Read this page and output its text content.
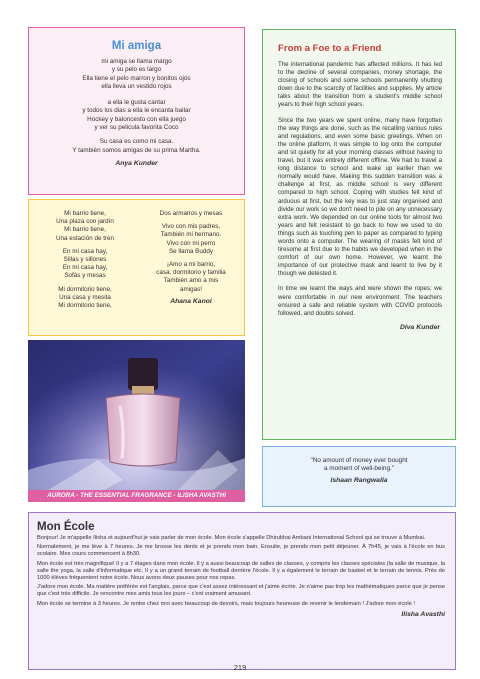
Mi amiga
mi amiga se llama margo
y su pelo es largo
Ella tiene el pelo marron y bonitos ojos
ella lleva un vestido rojos
a ella le gusta cantar
y todos los dias a ella le encanta bailar
Hockey y baloncesto con ella juego
y ver su pelicula favorita Coco
Su casa es como mi casa.
Y también somos amigas de su prima Martha.
Anya Kunder
Mi barrio tiene,
Una plaza con jardín
Mi barrio tiene,
Una estación de tren
En mi casa hay,
Sillas y sillones
En mi casa hay,
Sofás y mesas
Mi dormitorio tiene,
Una casa y mesita
Mi dormitorio tiene,
Dos armarios y mesas
Vivo con mis padres,
También mi hermano.
Vivo con mi perro
Se llama Buddy
¡Amo a mi barrio,
casa, dormitorio y familia
También amo a mis
amigas!
Ahana Kanoi
AURORA - THE ESSENTIAL FRAGRANCE - ILISHA AVASTHI
From a Foe to a Friend
The international pandemic has affected millions. It has led to the decline of several companies, money shortage, the closing of schools and some schools permanently shutting down due to the scarcity of facilities and supplies. My article talks about the transition from a student's middle school years to their high school years.
Since the two years we spent online, many have forgotten the way things are done, such as the recalling various rules and regulations, and even some basic greetings. When on the online platform, it was simple to log onto the computer and sit quietly for all your morning classes without having to travel, but it was entirely different offline. We had to travel a long distance to school and wake up earlier than we normally would have. Making this sudden transition was a challenge at first, as middle school is very different compared to high school. Coping with studies felt kind of arduous at first, but the key was to just stay organised and divide our work so we don't need to pile on any unnecessary extra work. We depended on our online tools for almost two years and felt resistant to go back to how we used to do things such as touching pen to paper as compared to typing words onto a computer. The wearing of masks felt kind of tiresome at first due to the habits we developed when in the comfort of our own home. However, we learnt the importance of our protective mask and learnt to live by it though we detested it.
In time we learnt the ways and were shown the ropes; we were comfortable in our new environment. The teachers ensured a safe and reliable system with COVID protocols followed, and doubts solved.
Diva Kunder
"No amount of money ever bought
a moment of well-being."
Ishaan Rangwalla
Mon École
Bonjour! Je m'appelle Ilisha et aujourd'hui je vais parler de mon école. Mon école s'appelle Dhirubhai Ambani International School qui se trouve à Mumbai.
Normalement, je me lève à 7 heures. Je me brosse les dents et je prends mon bain. Ensuite, je prends mon petit déjeuner. À 7h45, je vais à l'école en bus scolaire. Mes cours commencent à 8h30.
Mon école est très magnifique! Il y a 7 étages dans mon école. Il y a aussi beaucoup de salles de classes, y compris les classes spéciales (la salle de musique, la salle the yoga, la salle d'informatique etc. Il y a un grand terrain de football derrière l'école. Il y a également le terrain de basket et le terrain de tennis. Près de 1000 élèves fréquentent notre école. Nous avons deux pauses pour nos repas.
J'adore mon école. Ma matière préférée est l'anglais, parce que c'est assez intéressant et j'aime écrire. Je n'aime pas trop les mathématiques parce que je pense que c'est très difficile. Je rencontre mes amis tous les jours – c'est vraiment amusant.
Mon école se termine à 3 heures. Je rentre chez moi avec beaucoup de devoirs, mais toujours heureuse de revenir le lendemain ! J'adore mon école !
Ilisha Avasthi
219
